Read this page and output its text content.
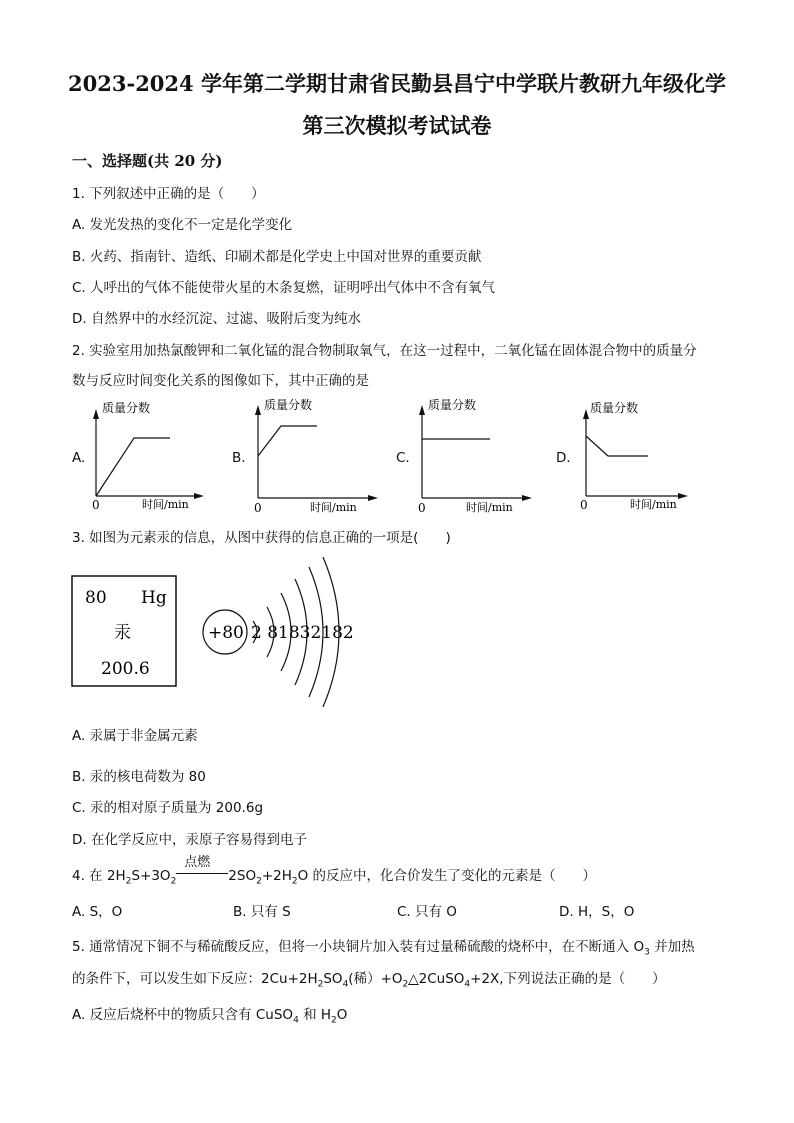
2023-2024 学年第二学期甘肃省民勤县昌宁中学联片教研九年级化学
第三次模拟考试试卷
一、选择题(共 20 分)
1. 下列叙述中正确的是（　　）
A. 发光发热的变化不一定是化学变化
B. 火药、指南针、造纸、印刷术都是化学史上中国对世界的重要贡献
C. 人呼出的气体不能使带火星的木条复燃，证明呼出气体中不含有氧气
D. 自然界中的水经沉淀、过滤、吸附后变为纯水
2. 实验室用加热氯酸钾和二氧化锰的混合物制取氧气，在这一过程中，二氧化锰在固体混合物中的质量分
数与反应时间变化关系的图像如下，其中正确的是
A.
质量分数
0	时间/min
B.
质量分数
0	时间/min
C.
质量分数
0	时间/min
D.
质量分数
0	时间/min
3. 如图为元素汞的信息，从图中获得的信息正确的一项是(　　)
80 Hg
汞
200.6
+80 2 81832182
A. 汞属于非金属元素
B. 汞的核电荷数为 80
C. 汞的相对原子质量为 200.6g
D. 在化学反应中，汞原子容易得到电子
4. 在 $2H_2S+3O_2$
点燃
$2SO_2+2H_2O$ 的反应中，化合价发生了变化的元素是（　　）
A. S，O	B. 只有 S	C. 只有 O	D. H，S，O
5. 通常情况下铜不与稀硫酸反应，但将一小块铜片加入装有过量稀硫酸的烧杯中，在不断通入 $O_3$ 并加热
的条件下，可以发生如下反应：$2Cu+2H_2SO_4$(稀）$+O_2\triangle 2CuSO_4+2X$,下列说法正确的是（　　）
A. 反应后烧杯中的物质只含有 CuSO$_4$ 和 $H_2O$
